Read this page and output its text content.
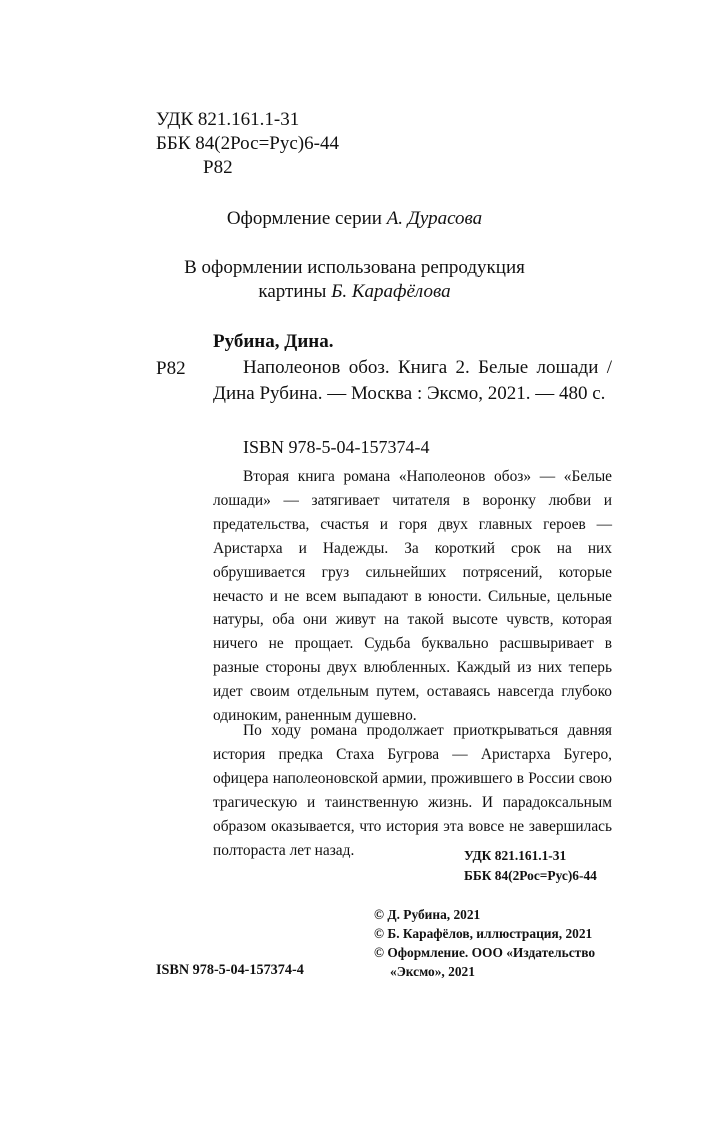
УДК 821.161.1-31
ББК 84(2Рос=Рус)6-44
Р82
Оформление серии А. Дурасова
В оформлении использована репродукция
картины Б. Карафёлова
Рубина, Дина.
Р82	Наполеонов обоз. Книга 2. Белые лошади / Дина Рубина. — Москва : Эксмо, 2021. — 480 с.

ISBN 978-5-04-157374-4

Вторая книга романа «Наполеонов обоз» — «Белые лошади» — затягивает читателя в воронку любви и предательства, счастья и горя двух главных героев — Аристарха и Надежды. За короткий срок на них обрушивается груз сильнейших потрясений, которые нечасто и не всем выпадают в юности. Сильные, цельные натуры, оба они живут на такой высоте чувств, которая ничего не прощает. Судьба буквально расшвыривает в разные стороны двух влюбленных. Каждый из них теперь идет своим отдельным путем, оставаясь навсегда глубоко одиноким, раненным душевно.

По ходу романа продолжает приоткрываться давняя история предка Стаха Бугрова — Аристарха Бугеро, офицера наполеоновской армии, прожившего в России свою трагическую и таинственную жизнь. И парадоксальным образом оказывается, что история эта вовсе не завершилась полтораста лет назад.	УДК 821.161.1-31
ББК 84(2Рос=Рус)6-44
© Д. Рубина, 2021
© Б. Карафёлов, иллюстрация, 2021
© Оформление. ООО «Издательство
«Эксмо», 2021
ISBN 978-5-04-157374-4
